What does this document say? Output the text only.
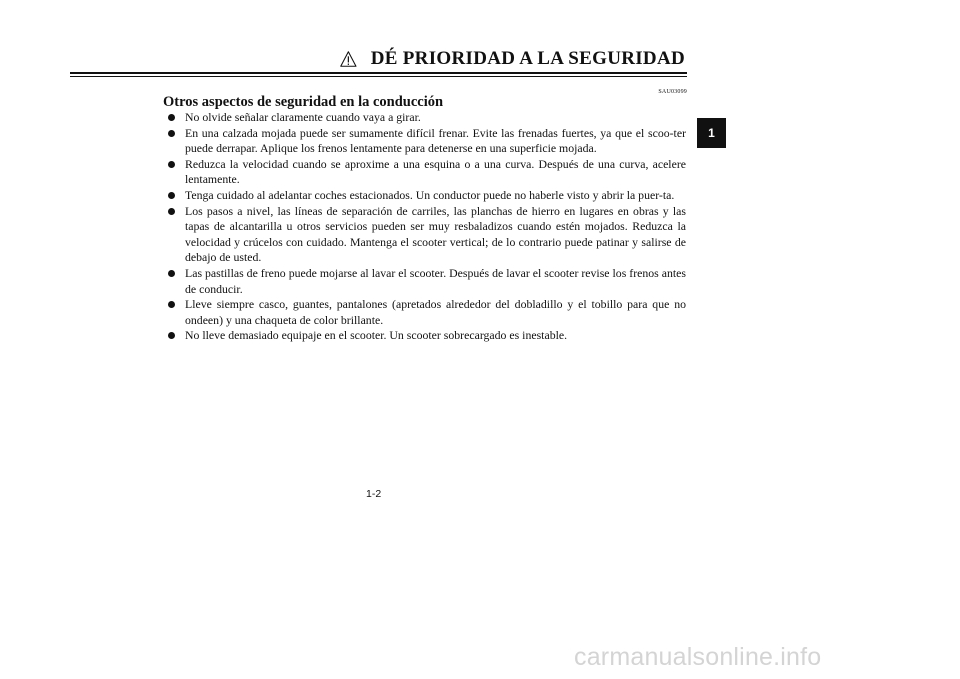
DÉ PRIORIDAD A LA SEGURIDAD
SAU03099
Otros aspectos de seguridad en la conducción
No olvide señalar claramente cuando vaya a girar.
En una calzada mojada puede ser sumamente difícil frenar. Evite las frenadas fuertes, ya que el scoo-ter puede derrapar. Aplique los frenos lentamente para detenerse en una superficie mojada.
Reduzca la velocidad cuando se aproxime a una esquina o a una curva. Después de una curva, acelere lentamente.
Tenga cuidado al adelantar coches estacionados. Un conductor puede no haberle visto y abrir la puer-ta.
Los pasos a nivel, las líneas de separación de carriles, las planchas de hierro en lugares en obras y las tapas de alcantarilla u otros servicios pueden ser muy resbaladizos cuando estén mojados. Reduzca la velocidad y crúcelos con cuidado. Mantenga el scooter vertical; de lo contrario puede patinar y salirse de debajo de usted.
Las pastillas de freno puede mojarse al lavar el scooter. Después de lavar el scooter revise los frenos antes de conducir.
Lleve siempre casco, guantes, pantalones (apretados alrededor del dobladillo y el tobillo para que no ondeen) y una chaqueta de color brillante.
No lleve demasiado equipaje en el scooter. Un scooter sobrecargado es inestable.
1-2
1
carmanualsonline.info
